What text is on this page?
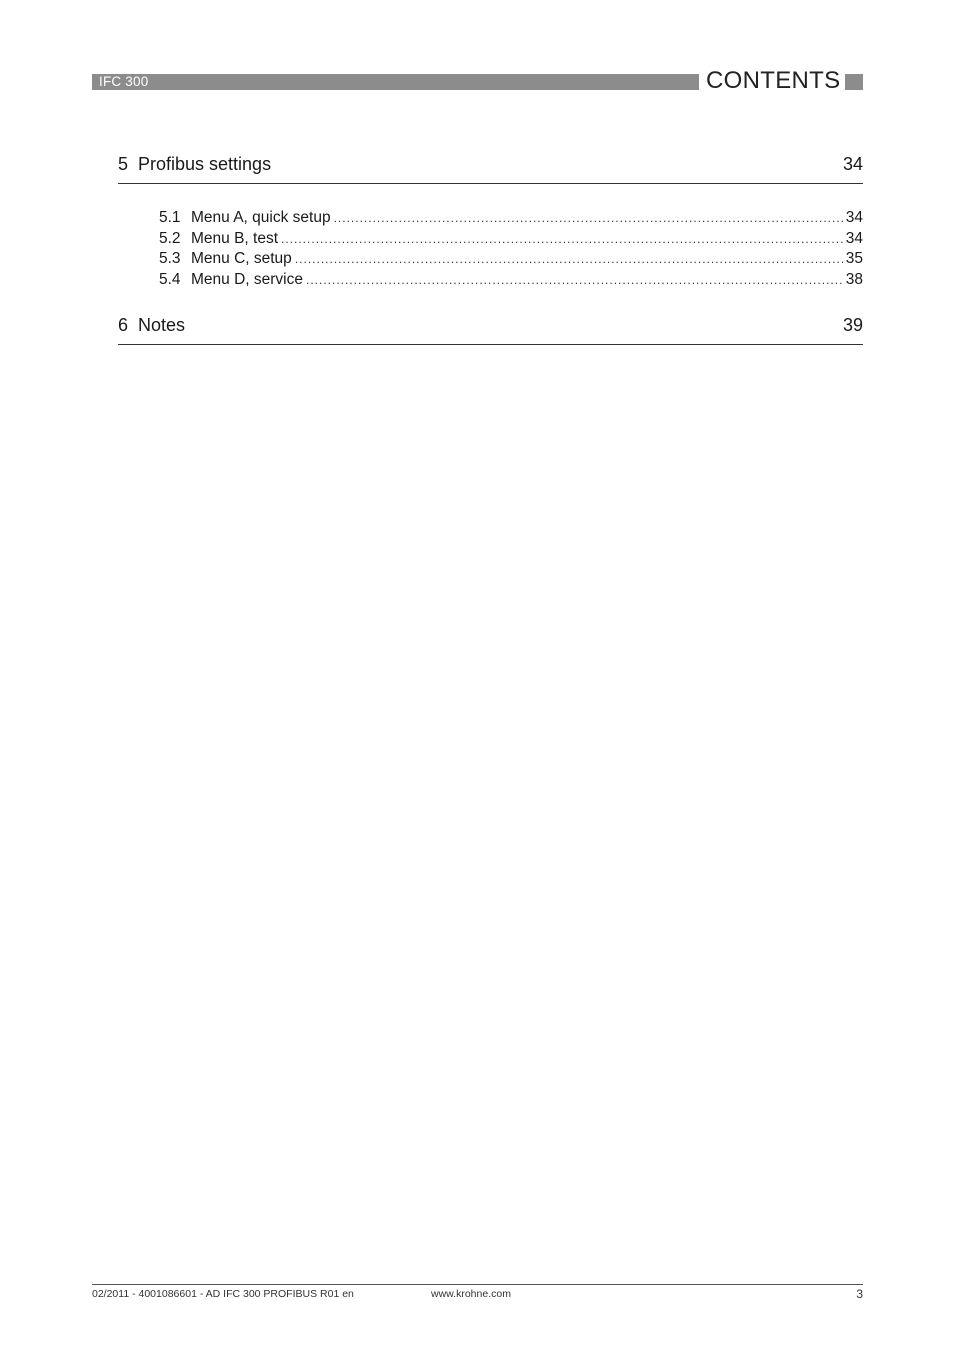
IFC 300	CONTENTS
5 Profibus settings	34
5.1 Menu A, quick setup .....	34
5.2 Menu B, test .....	34
5.3 Menu C, setup .....	35
5.4 Menu D, service .....	38
6 Notes	39
02/2011 - 4001086601 - AD IFC 300 PROFIBUS R01 en	www.krohne.com	3
